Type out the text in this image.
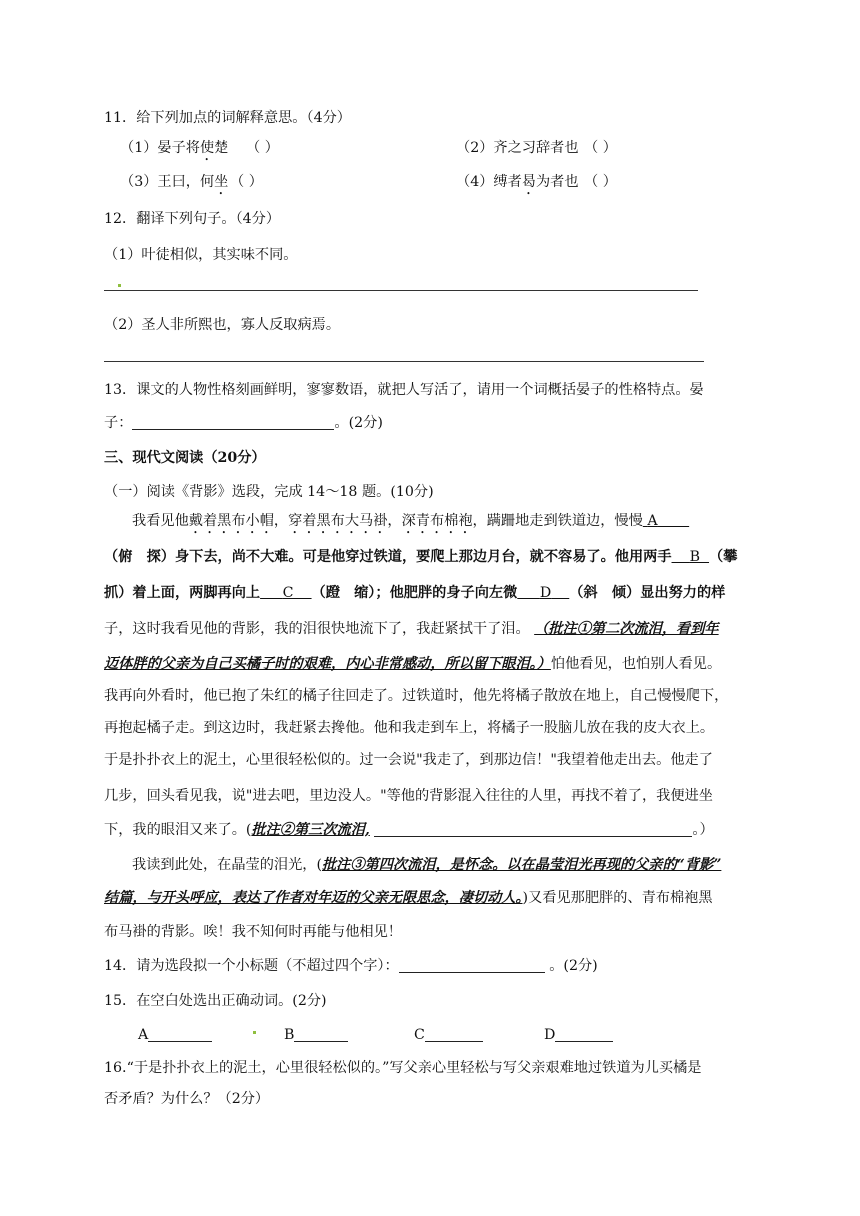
11．给下列加点的词解释意思。（4分）
（1）晏子将使楚 （ ）	（2）齐之习辞者也 （ ）
（3）王曰，何坐 （ ）	（4）缚者曷为者也 （ ）
12．翻译下列句子。（4分）
（1）叶徒相似，其实味不同。
（2）圣人非所熙也，寡人反取病焉。
13．课文的人物性格刻画鲜明，寥寥数语，就把人写活了，请用一个词概括晏子的性格特点。晏
子：	。(2分)
三、现代文阅读（20分）
（一）阅读《背影》选段，完成 14～18 题。(10分)
我看见他戴着黑布小帽，穿着黑布大马褂，深青布棉袍，蹒跚地走到铁道边，慢慢 A
（俯　探）身下去，尚不大难。可是他穿过铁道，要爬上那边月台，就不容易了。他用两手 B （攀
抓）着上面，两脚再向上 C （蹬　缩）；他肥胖的身子向左微 D （斜　倾）显出努力的样
子，这时我看见他的背影，我的泪很快地流下了，我赶紧拭干了泪。 （批注①第二次流泪，看到年
迈体胖的父亲为自己买橘子时的艰难，内心非常感动，所以留下眼泪。）怕他看见，也怕别人看见。
我再向外看时，他已抱了朱红的橘子往回走了。过铁道时，他先将橘子散放在地上，自己慢慢爬下，
再抱起橘子走。到这边时，我赶紧去搀他。他和我走到车上，将橘子一股脑儿放在我的皮大衣上。
于是扑扑衣上的泥土，心里很轻松似的。过一会说"我走了，到那边信！"我望着他走出去。他走了
几步，回头看见我，说"进去吧，里边没人。"等他的背影混入往往的人里，再找不着了，我便进坐
下，我的眼泪又来了。(批注②第三次流泪,	。）
我读到此处，在晶莹的泪光，(批注③第四次流泪，是怀念。以在晶莹泪光再现的父亲的“背影”
结篇，与开头呼应，表达了作者对年迈的父亲无限思念，凄切动人。)又看见那肥胖的、青布棉袍黑
布马褂的背影。唉！我不知何时再能与他相见！
14．请为选段拟一个小标题（不超过四个字）：	。(2分)
15．在空白处选出正确动词。(2分)
A	B	C	D
16.“于是扑扑衣上的泥土，心里很轻松似的。”写父亲心里轻松与写父亲艰难地过铁道为儿买橘是
否矛盾？为什么？（2分）
